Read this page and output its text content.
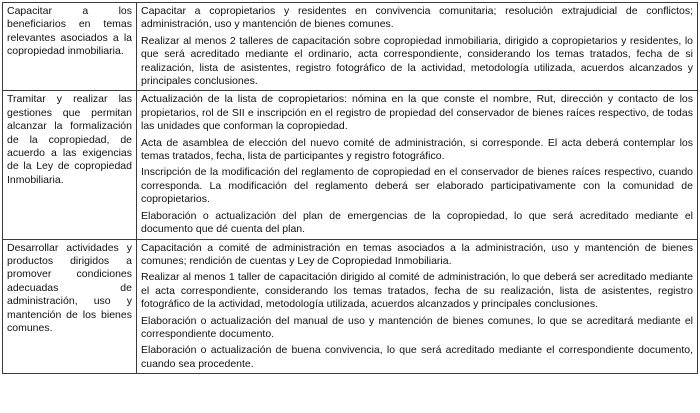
Capacitar a los beneficiarios en temas relevantes asociados a la copropiedad inmobiliaria.	Capacitar a copropietarios y residentes en convivencia comunitaria; resolución extrajudicial de conflictos; administración, uso y mantención de bienes comunes.

Realizar al menos 2 talleres de capacitación sobre copropiedad inmobiliaria, dirigido a copropietarios y residentes, lo que será acreditado mediante el ordinario, acta correspondiente, considerando los temas tratados, fecha de si realización, lista de asistentes, registro fotográfico de la actividad, metodología utilizada, acuerdos alcanzados y principales conclusiones.

Tramitar y realizar las gestiones que permitan alcanzar la formalización de la copropiedad, de acuerdo a las exigencias de la Ley de copropiedad Inmobiliaria.	Actualización de la lista de copropietarios: nómina en la que conste el nombre, Rut, dirección y contacto de los propietarios, rol de SII e inscripción en el registro de propiedad del conservador de bienes raíces respectivo, de todas las unidades que conforman la copropiedad.

Acta de asamblea de elección del nuevo comité de administración, si corresponde. El acta deberá contemplar los temas tratados, fecha, lista de participantes y registro fotográfico.

Inscripción de la modificación del reglamento de copropiedad en el conservador de bienes raíces respectivo, cuando corresponda. La modificación del reglamento deberá ser elaborado participativamente con la comunidad de copropietarios.

Elaboración o actualización del plan de emergencias de la copropiedad, lo que será acreditado mediante el documento que dé cuenta del plan.

Desarrollar actividades y productos dirigidos a promover condiciones adecuadas de administración, uso y mantención de los bienes comunes.	Capacitación a comité de administración en temas asociados a la administración, uso y mantención de bienes comunes; rendición de cuentas y Ley de Copropiedad Inmobiliaria.

Realizar al menos 1 taller de capacitación dirigido al comité de administración, lo que deberá ser acreditado mediante el acta correspondiente, considerando los temas tratados, fecha de su realización, lista de asistentes, registro fotográfico de la actividad, metodología utilizada, acuerdos alcanzados y principales conclusiones.

Elaboración o actualización del manual de uso y mantención de bienes comunes, lo que se acreditará mediante el correspondiente documento.

Elaboración o actualización de buena convivencia, lo que será acreditado mediante el correspondiente documento, cuando sea procedente.
